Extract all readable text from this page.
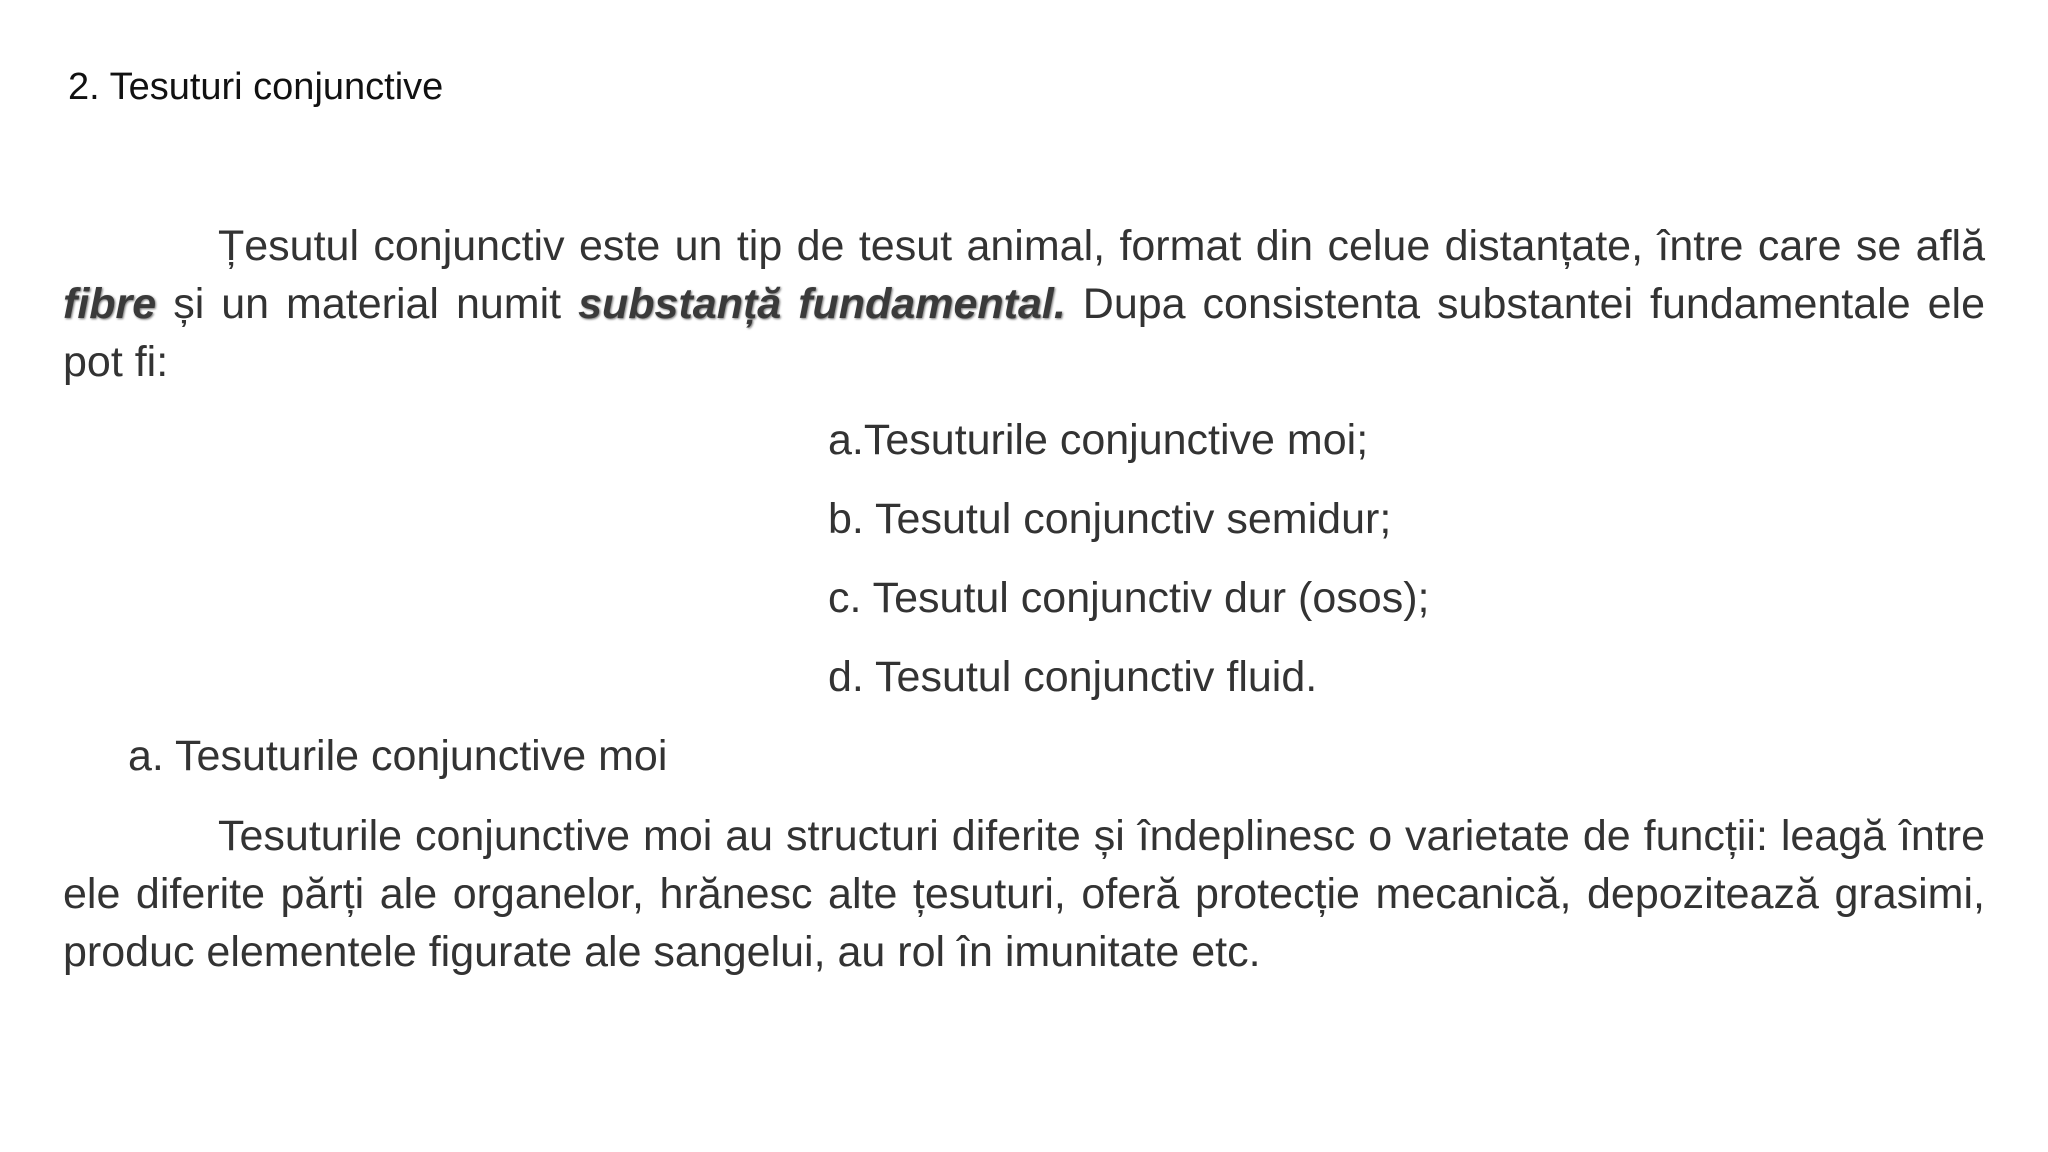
2. Tesuturi conjunctive

Țesutul conjunctiv este un tip de tesut animal, format din celue distanțate, între care se află fibre și un material numit substanță fundamental. Dupa consistenta substantei fundamentale ele pot fi:

a.Tesuturile conjunctive moi;

b. Tesutul conjunctiv semidur;

c. Tesutul conjunctiv dur (osos);

d. Tesutul conjunctiv fluid.

a. Tesuturile conjunctive moi

Tesuturile conjunctive moi au structuri diferite și îndeplinesc o varietate de funcții: leagă între ele diferite părți ale organelor, hrănesc alte țesuturi, oferă protecție mecanică, depozitează grasimi, produc elementele figurate ale sangelui, au rol în imunitate etc.
